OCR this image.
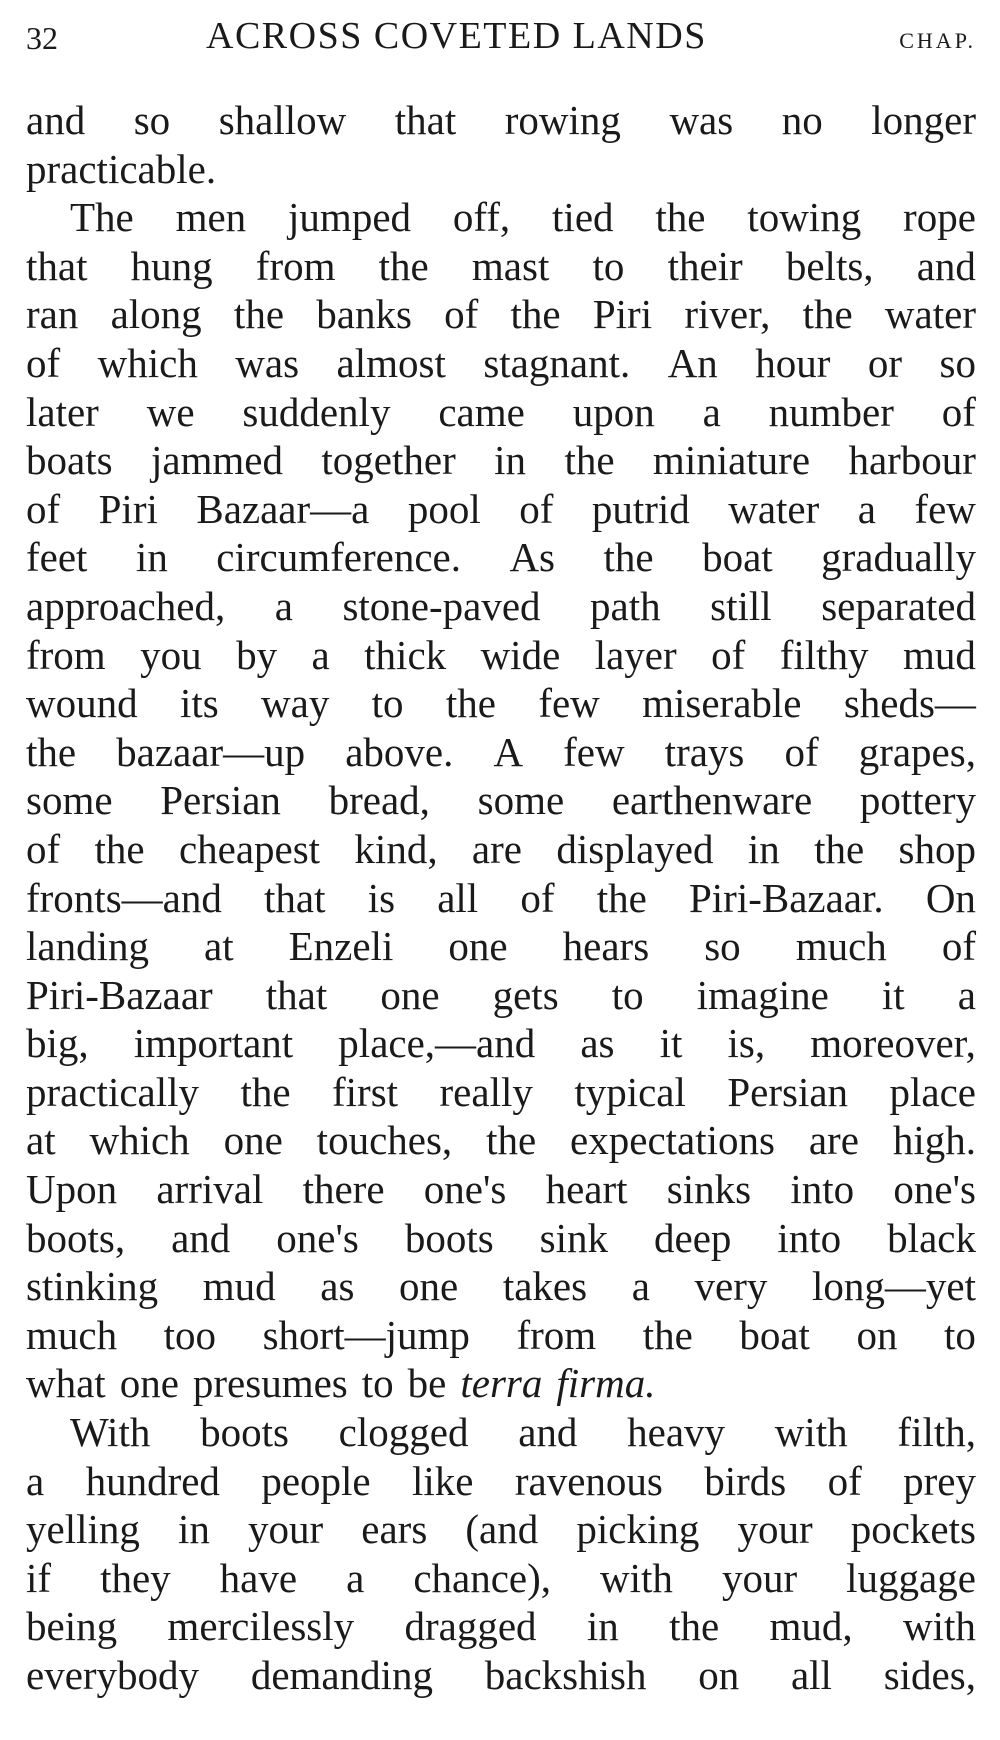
32	ACROSS COVETED LANDS	CHAP.
and so shallow that rowing was no longer
practicable.
The men jumped off, tied the towing rope
that hung from the mast to their belts, and
ran along the banks of the Piri river, the water
of which was almost stagnant. An hour or so
later we suddenly came upon a number of
boats jammed together in the miniature harbour
of Piri Bazaar—a pool of putrid water a few
feet in circumference. As the boat gradually
approached, a stone-paved path still separated
from you by a thick wide layer of filthy mud
wound its way to the few miserable sheds—
the bazaar—up above. A few trays of grapes,
some Persian bread, some earthenware pottery
of the cheapest kind, are displayed in the shop
fronts—and that is all of the Piri-Bazaar. On
landing at Enzeli one hears so much of
Piri-Bazaar that one gets to imagine it a
big, important place,—and as it is, moreover,
practically the first really typical Persian place
at which one touches, the expectations are high.
Upon arrival there one's heart sinks into one's
boots, and one's boots sink deep into black
stinking mud as one takes a very long—yet
much too short—jump from the boat on to
what one presumes to be terra firma.
With boots clogged and heavy with filth,
a hundred people like ravenous birds of prey
yelling in your ears (and picking your pockets
if they have a chance), with your luggage
being mercilessly dragged in the mud, with
everybody demanding backshish on all sides,
